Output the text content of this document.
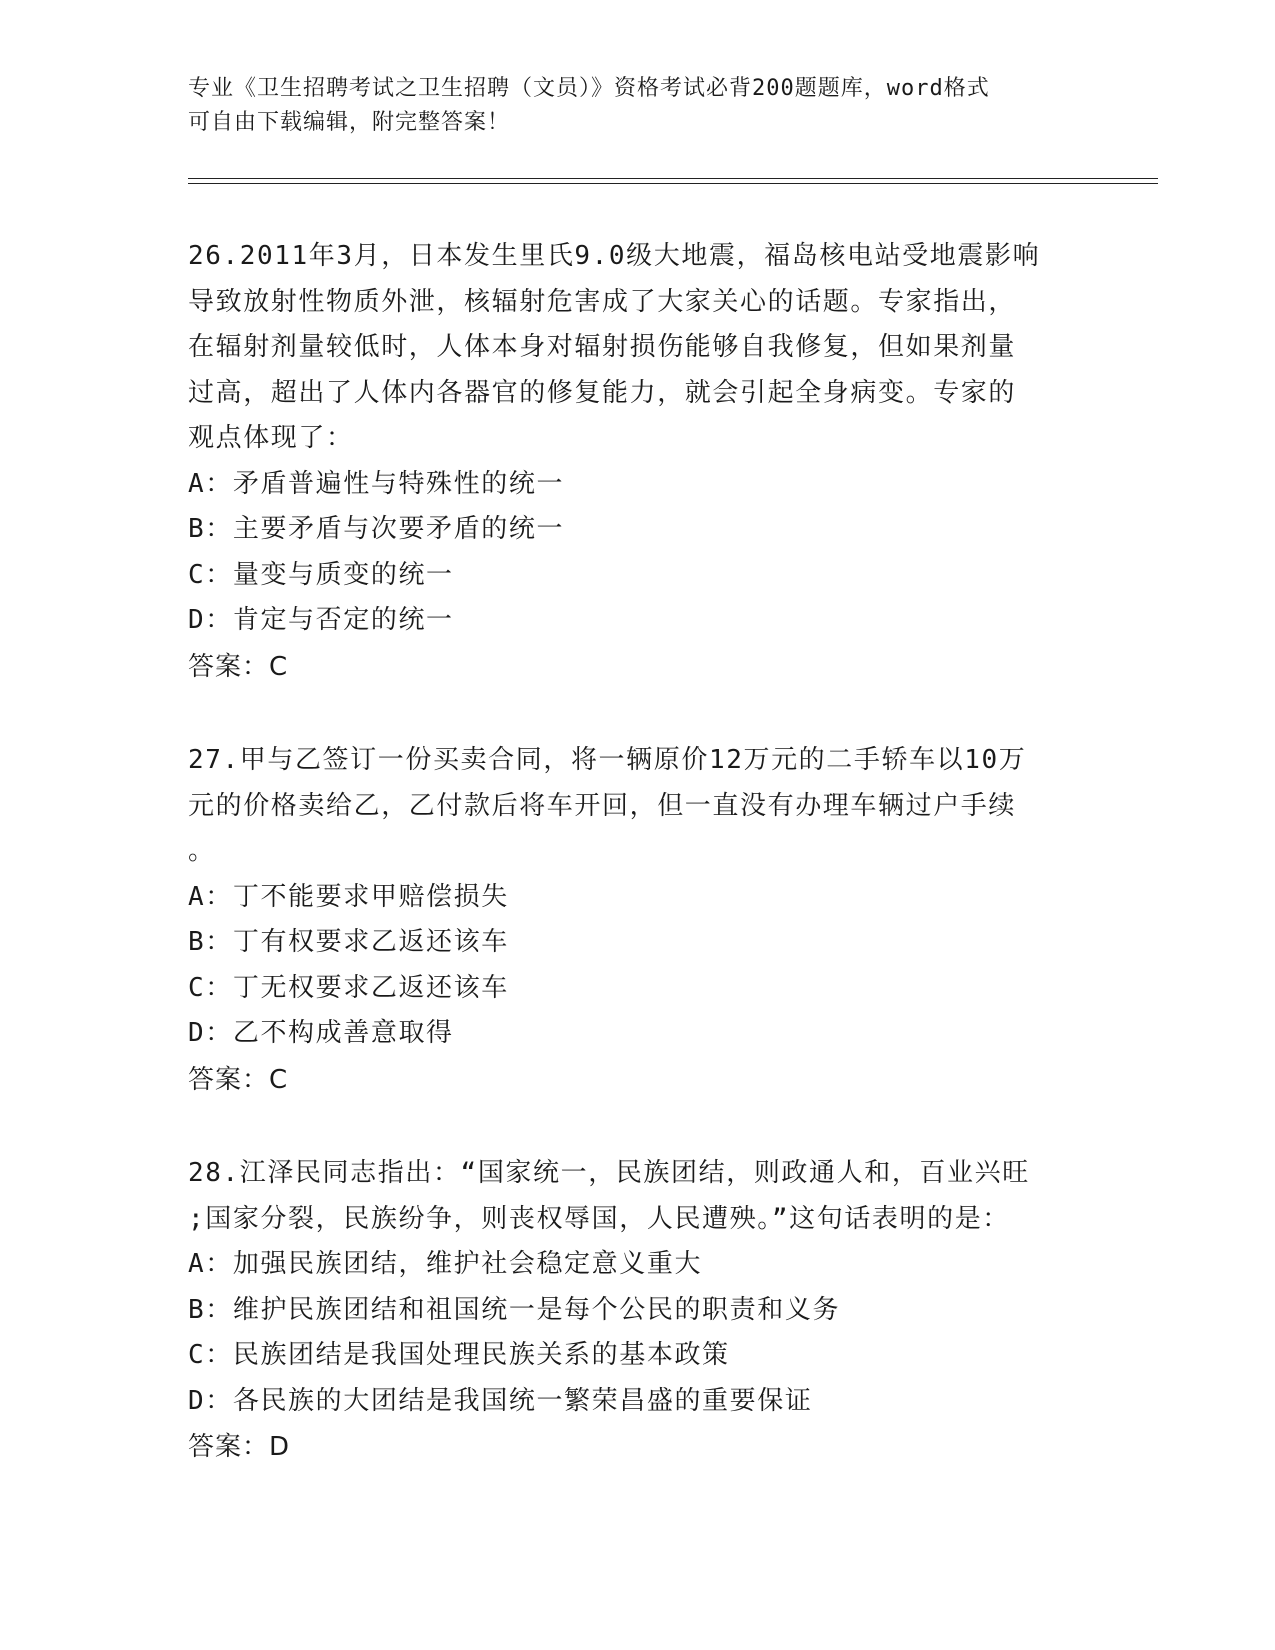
专业《卫生招聘考试之卫生招聘（文员）》资格考试必背200题题库，word格式
可自由下载编辑，附完整答案！
26.2011年3月，日本发生里氏9.0级大地震，福岛核电站受地震影响
导致放射性物质外泄，核辐射危害成了大家关心的话题。专家指出，
在辐射剂量较低时，人体本身对辐射损伤能够自我修复，但如果剂量
过高，超出了人体内各器官的修复能力，就会引起全身病变。专家的
观点体现了：
A：矛盾普遍性与特殊性的统一
B：主要矛盾与次要矛盾的统一
C：量变与质变的统一
D：肯定与否定的统一
答案：C
27.甲与乙签订一份买卖合同，将一辆原价12万元的二手轿车以10万
元的价格卖给乙，乙付款后将车开回，但一直没有办理车辆过户手续
。
A：丁不能要求甲赔偿损失
B：丁有权要求乙返还该车
C：丁无权要求乙返还该车
D：乙不构成善意取得
答案：C
28.江泽民同志指出：“国家统一，民族团结，则政通人和，百业兴旺
;国家分裂，民族纷争，则丧权辱国，人民遭殃。”这句话表明的是：
A：加强民族团结，维护社会稳定意义重大
B：维护民族团结和祖国统一是每个公民的职责和义务
C：民族团结是我国处理民族关系的基本政策
D：各民族的大团结是我国统一繁荣昌盛的重要保证
答案：D
